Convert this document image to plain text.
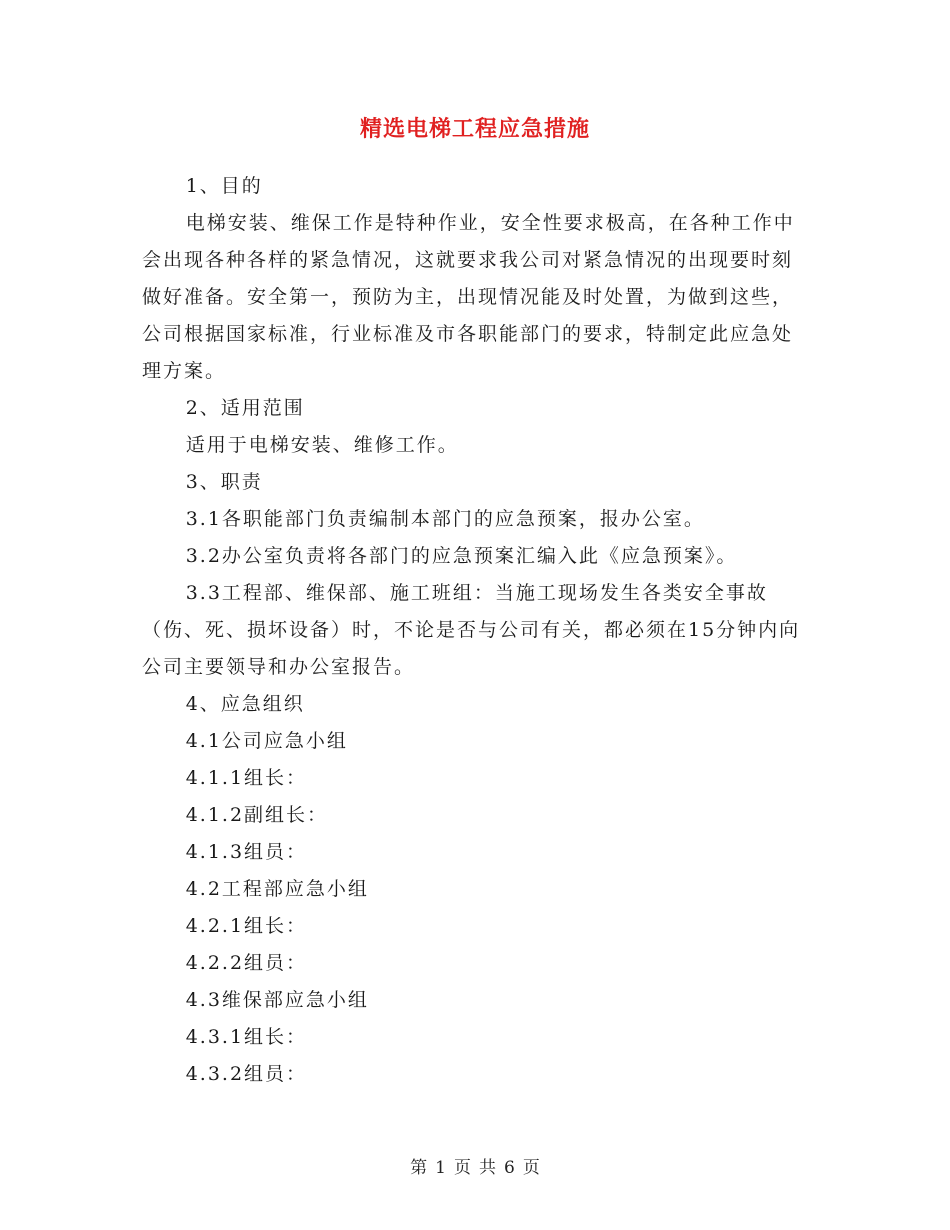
精选电梯工程应急措施

1、目的

电梯安装、维保工作是特种作业，安全性要求极高，在各种工作中会出现各种各样的紧急情况，这就要求我公司对紧急情况的出现要时刻做好准备。安全第一，预防为主，出现情况能及时处置，为做到这些，公司根据国家标准，行业标准及市各职能部门的要求，特制定此应急处理方案。

2、适用范围

适用于电梯安装、维修工作。

3、职责

3.1各职能部门负责编制本部门的应急预案，报办公室。

3.2办公室负责将各部门的应急预案汇编入此《应急预案》。

3.3工程部、维保部、施工班组：当施工现场发生各类安全事故（伤、死、损坏设备）时，不论是否与公司有关，都必须在15分钟内向公司主要领导和办公室报告。

4、应急组织

4.1公司应急小组

4.1.1组长：

4.1.2副组长：

4.1.3组员：

4.2工程部应急小组

4.2.1组长：

4.2.2组员：

4.3维保部应急小组

4.3.1组长：

4.3.2组员：

第 1 页 共 6 页
